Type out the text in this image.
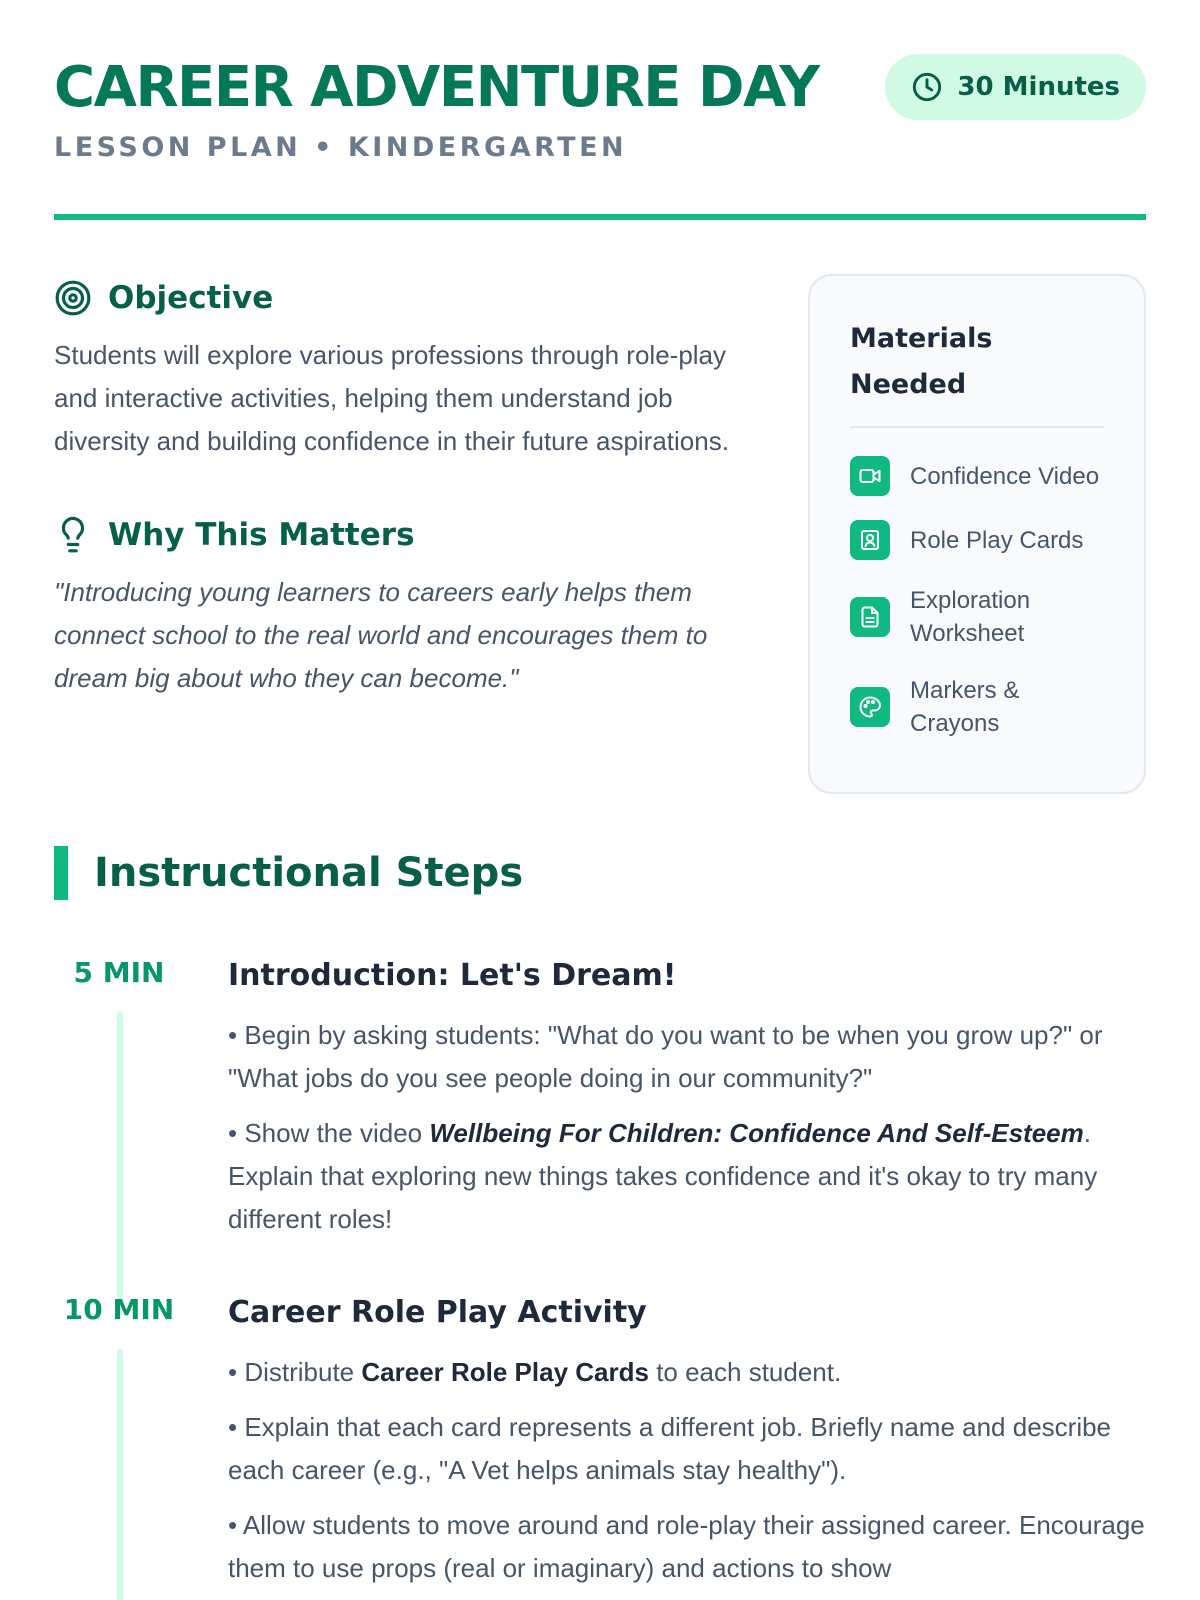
CAREER ADVENTURE DAY
LESSON PLAN • KINDERGARTEN
30 Minutes
Objective

Students will explore various professions through role-play and interactive activities, helping them understand job diversity and building confidence in their future aspirations.

Why This Matters

"Introducing young learners to careers early helps them connect school to the real world and encourages them to dream big about who they can become."

Materials Needed
Confidence Video
Role Play Cards
Exploration Worksheet
Markers & Crayons
Instructional Steps
5 MIN	Introduction: Let's Dream!

• Begin by asking students: "What do you want to be when you grow up?" or "What jobs do you see people doing in our community?"

• Show the video Wellbeing For Children: Confidence And Self-Esteem. Explain that exploring new things takes confidence and it's okay to try many different roles!

10 MIN	Career Role Play Activity

• Distribute Career Role Play Cards to each student.

• Explain that each card represents a different job. Briefly name and describe each career (e.g., "A Vet helps animals stay healthy").

• Allow students to move around and role-play their assigned career. Encourage them to use props (real or imaginary) and actions to show
